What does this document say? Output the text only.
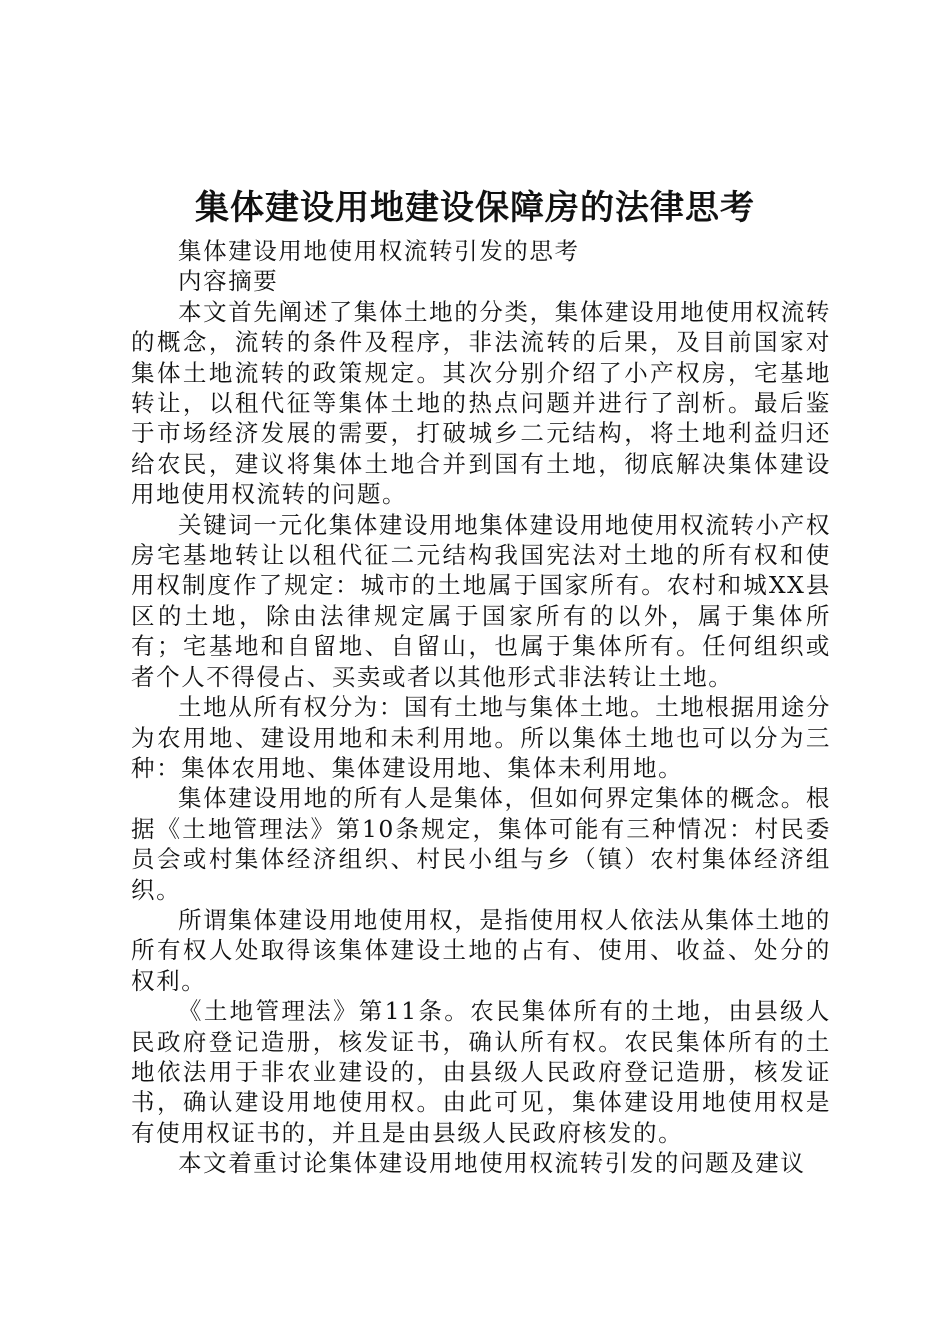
集体建设用地建设保障房的法律思考

集体建设用地使用权流转引发的思考

内容摘要

本文首先阐述了集体土地的分类，集体建设用地使用权流转的概念，流转的条件及程序，非法流转的后果，及目前国家对集体土地流转的政策规定。其次分别介绍了小产权房，宅基地转让，以租代征等集体土地的热点问题并进行了剖析。最后鉴于市场经济发展的需要，打破城乡二元结构，将土地利益归还给农民，建议将集体土地合并到国有土地，彻底解决集体建设用地使用权流转的问题。

关键词一元化集体建设用地集体建设用地使用权流转小产权房宅基地转让以租代征二元结构我国宪法对土地的所有权和使用权制度作了规定：城市的土地属于国家所有。农村和城XX县区的土地，除由法律规定属于国家所有的以外，属于集体所有；宅基地和自留地、自留山，也属于集体所有。任何组织或者个人不得侵占、买卖或者以其他形式非法转让土地。

土地从所有权分为：国有土地与集体土地。土地根据用途分为农用地、建设用地和未利用地。所以集体土地也可以分为三种：集体农用地、集体建设用地、集体未利用地。

集体建设用地的所有人是集体，但如何界定集体的概念。根据《土地管理法》第10条规定，集体可能有三种情况：村民委员会或村集体经济组织、村民小组与乡（镇）农村集体经济组织。

所谓集体建设用地使用权，是指使用权人依法从集体土地的所有权人处取得该集体建设土地的占有、使用、收益、处分的权利。

《土地管理法》第11条。农民集体所有的土地，由县级人民政府登记造册，核发证书，确认所有权。农民集体所有的土地依法用于非农业建设的，由县级人民政府登记造册，核发证书，确认建设用地使用权。由此可见，集体建设用地使用权是有使用权证书的，并且是由县级人民政府核发的。

本文着重讨论集体建设用地使用权流转引发的问题及建议
